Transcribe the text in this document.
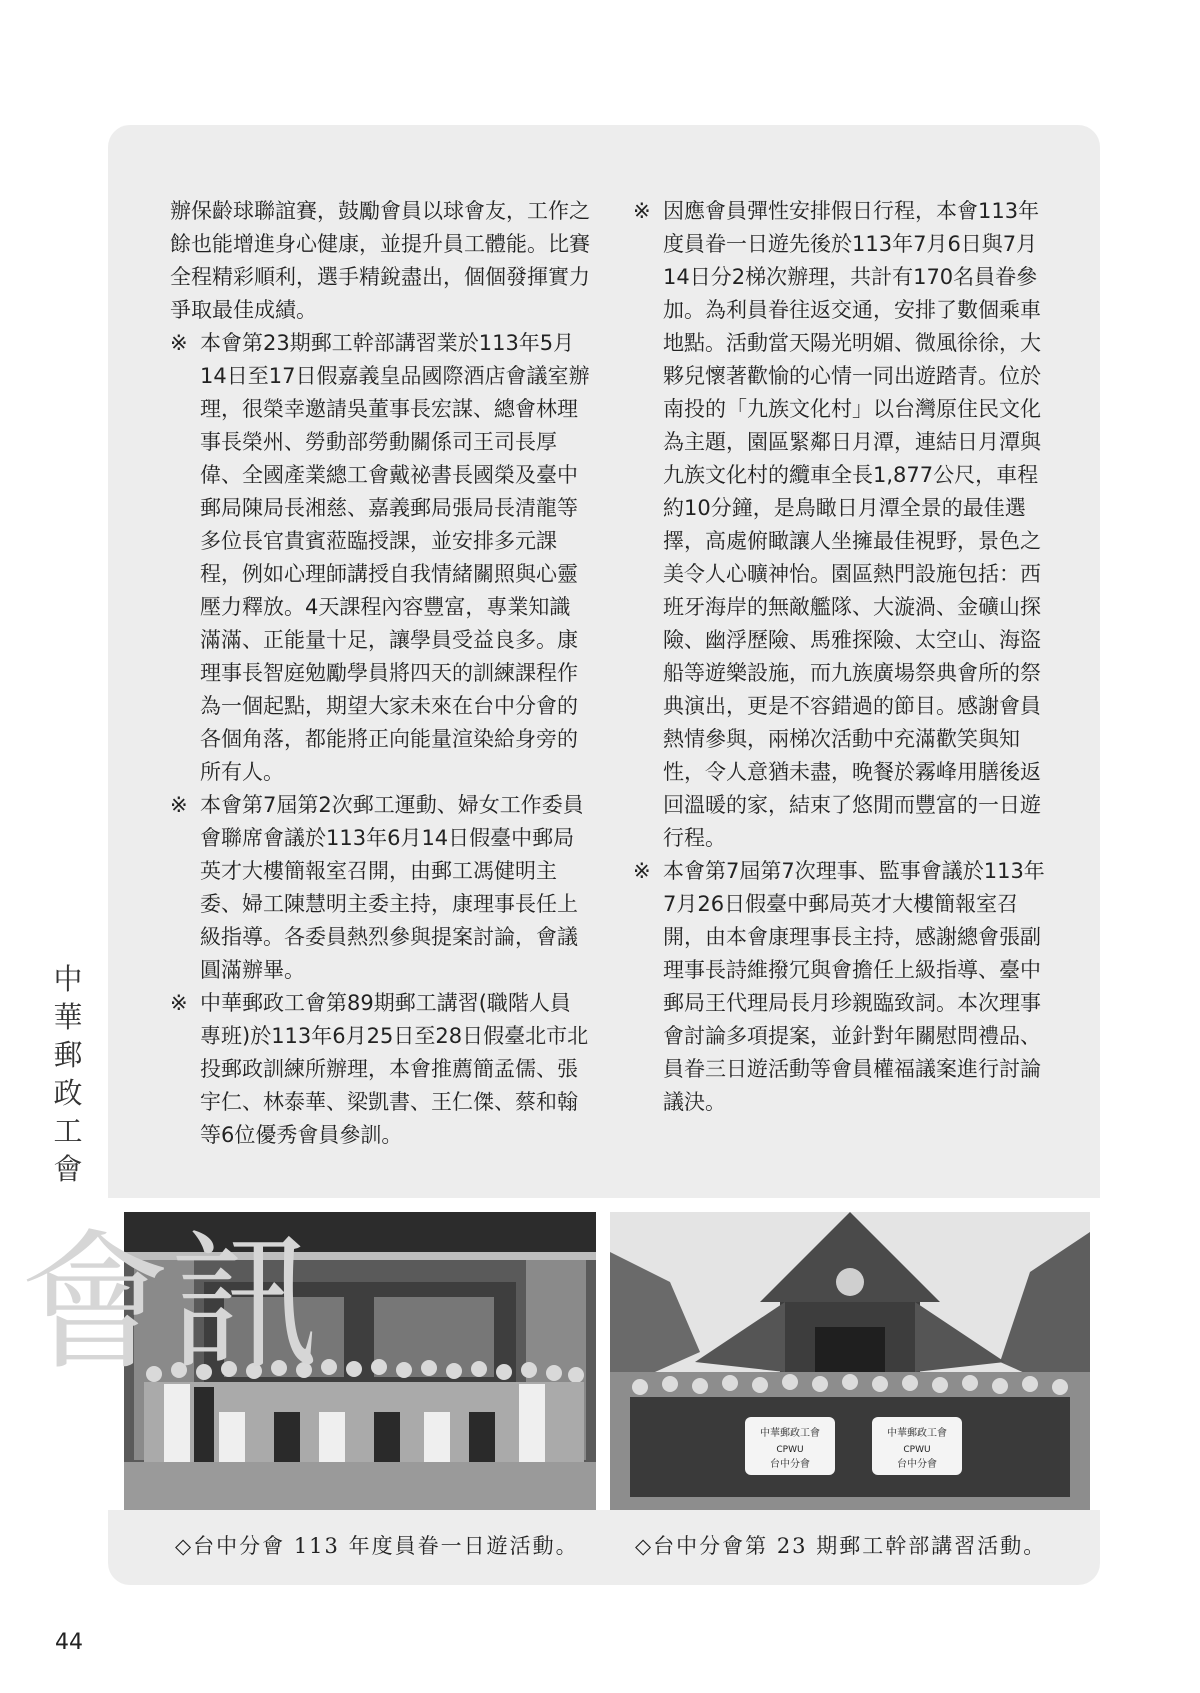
辦保齡球聯誼賽，鼓勵會員以球會友，工作之餘也能增進身心健康，並提升員工體能。比賽全程精彩順利，選手精銳盡出，個個發揮實力爭取最佳成績。

※ 本會第23期郵工幹部講習業於113年5月14日至17日假嘉義皇品國際酒店會議室辦理，很榮幸邀請吳董事長宏謀、總會林理事長榮州、勞動部勞動關係司王司長厚偉、全國產業總工會戴祕書長國榮及臺中郵局陳局長湘慈、嘉義郵局張局長清龍等多位長官貴賓蒞臨授課，並安排多元課程，例如心理師講授自我情緒關照與心靈壓力釋放。4天課程內容豐富，專業知識滿滿、正能量十足，讓學員受益良多。康理事長智庭勉勵學員將四天的訓練課程作為一個起點，期望大家未來在台中分會的各個角落，都能將正向能量渲染給身旁的所有人。

※ 本會第7屆第2次郵工運動、婦女工作委員會聯席會議於113年6月14日假臺中郵局英才大樓簡報室召開，由郵工馮健明主委、婦工陳慧明主委主持，康理事長任上級指導。各委員熱烈參與提案討論，會議圓滿辦畢。

※ 中華郵政工會第89期郵工講習(職階人員專班)於113年6月25日至28日假臺北市北投郵政訓練所辦理，本會推薦簡孟儒、張宇仁、林泰華、梁凱書、王仁傑、蔡和翰等6位優秀會員參訓。

※ 因應會員彈性安排假日行程，本會113年度員眷一日遊先後於113年7月6日與7月14日分2梯次辦理，共計有170名員眷參加。為利員眷往返交通，安排了數個乘車地點。活動當天陽光明媚、微風徐徐，大夥兒懷著歡愉的心情一同出遊踏青。位於南投的「九族文化村」以台灣原住民文化為主題，園區緊鄰日月潭，連結日月潭與九族文化村的纜車全長1,877公尺，車程約10分鐘，是鳥瞰日月潭全景的最佳選擇，高處俯瞰讓人坐擁最佳視野，景色之美令人心曠神怡。園區熱門設施包括：西班牙海岸的無敵艦隊、大漩渦、金礦山探險、幽浮歷險、馬雅探險、太空山、海盜船等遊樂設施，而九族廣場祭典會所的祭典演出，更是不容錯過的節目。感謝會員熱情參與，兩梯次活動中充滿歡笑與知性，令人意猶未盡，晚餐於霧峰用膳後返回溫暖的家，結束了悠閒而豐富的一日遊行程。

※ 本會第7屆第7次理事、監事會議於113年7月26日假臺中郵局英才大樓簡報室召開，由本會康理事長主持，感謝總會張副理事長詩維撥冗與會擔任上級指導、臺中郵局王代理局長月珍親臨致詞。本次理事會討論多項提案，並針對年關慰問禮品、員眷三日遊活動等會員權福議案進行討論議決。

中華郵政工會
CPWU
台中分會
中華郵政工會
CPWU
台中分會
◇台中分會 113 年度員眷一日遊活動。	◇台中分會第 23 期郵工幹部講習活動。
中
華
郵
政
工
會
會訊
44
